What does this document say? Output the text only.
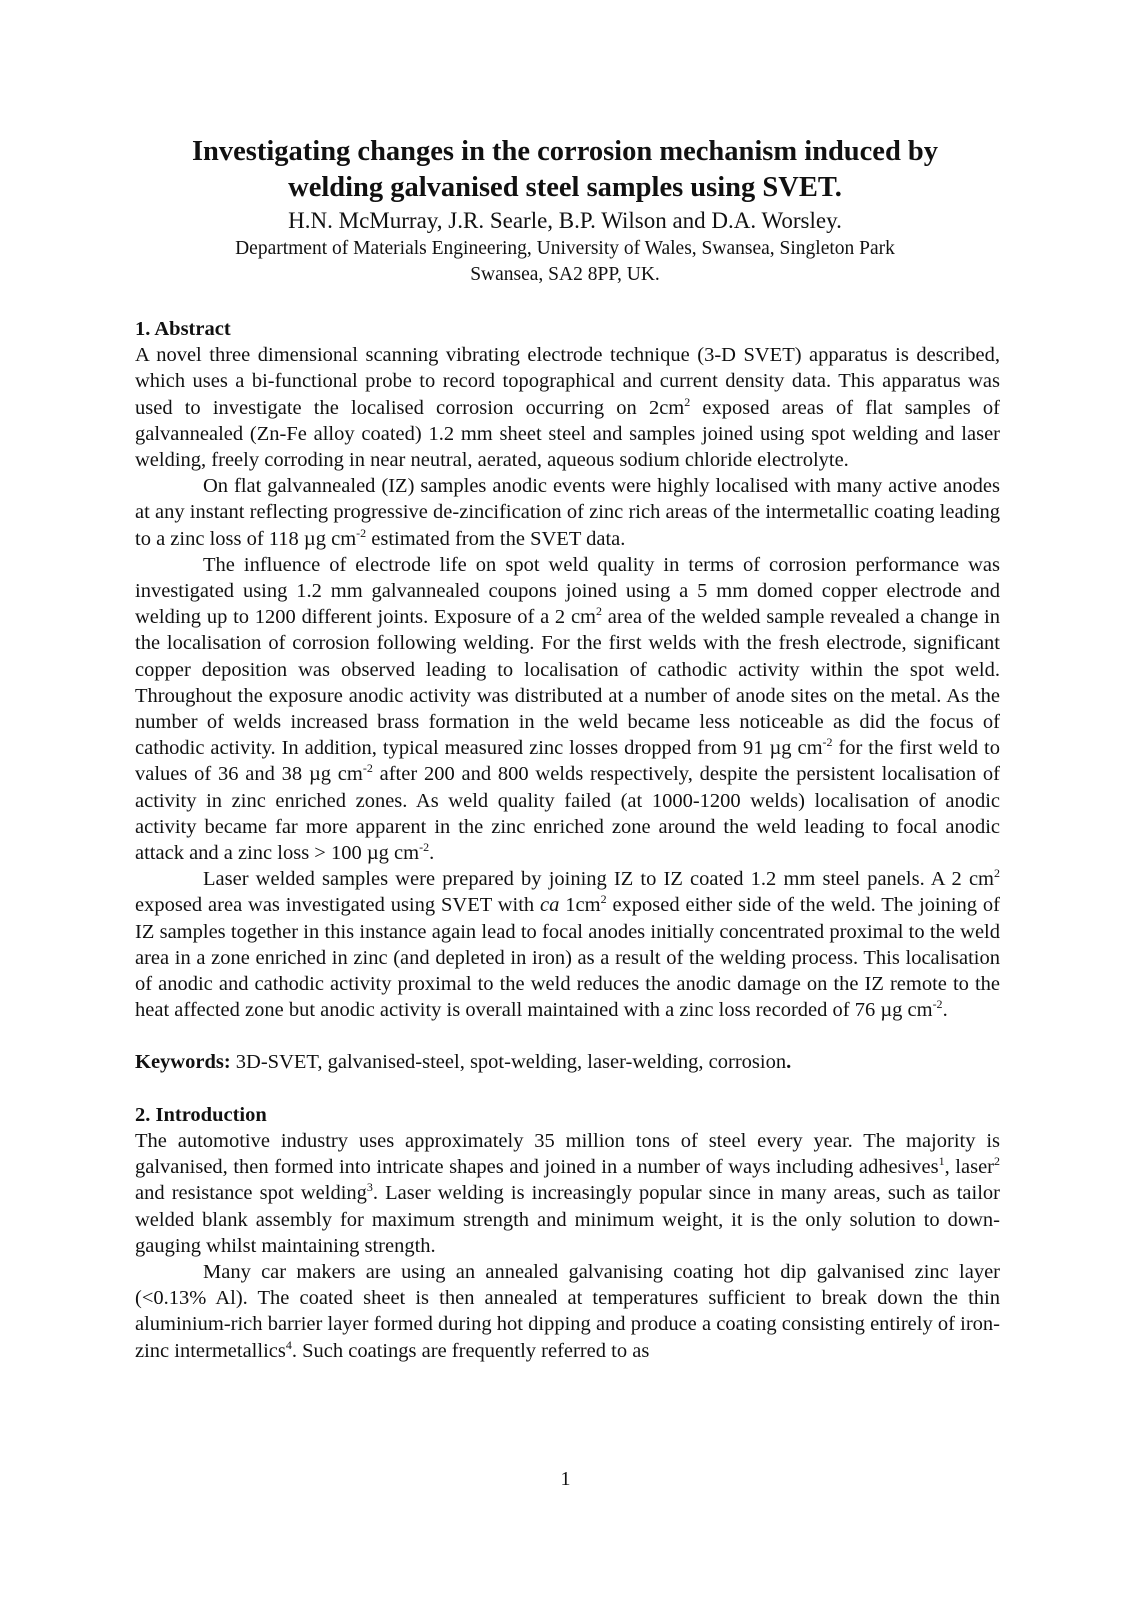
Investigating changes in the corrosion mechanism induced by
welding galvanised steel samples using SVET.
H.N. McMurray, J.R. Searle, B.P. Wilson and D.A. Worsley.
Department of Materials Engineering, University of Wales, Swansea, Singleton Park
Swansea, SA2 8PP, UK.
1. Abstract

A novel three dimensional scanning vibrating electrode technique (3-D SVET) apparatus is described, which uses a bi-functional probe to record topographical and current density data. This apparatus was used to investigate the localised corrosion occurring on $2cm^2$ exposed areas of flat samples of galvannealed (Zn-Fe alloy coated) 1.2 mm sheet steel and samples joined using spot welding and laser welding, freely corroding in near neutral, aerated, aqueous sodium chloride electrolyte.

On flat galvannealed (IZ) samples anodic events were highly localised with many active anodes at any instant reflecting progressive de-zincification of zinc rich areas of the intermetallic coating leading to a zinc loss of 118 µg $cm^{-2}$ estimated from the SVET data.

The influence of electrode life on spot weld quality in terms of corrosion performance was investigated using 1.2 mm galvannealed coupons joined using a 5 mm domed copper electrode and welding up to 1200 different joints. Exposure of a 2 $cm^2$ area of the welded sample revealed a change in the localisation of corrosion following welding. For the first welds with the fresh electrode, significant copper deposition was observed leading to localisation of cathodic activity within the spot weld. Throughout the exposure anodic activity was distributed at a number of anode sites on the metal. As the number of welds increased brass formation in the weld became less noticeable as did the focus of cathodic activity. In addition, typical measured zinc losses dropped from 91 µg $cm^{-2}$ for the first weld to values of 36 and 38 µg $cm^{-2}$ after 200 and 800 welds respectively, despite the persistent localisation of activity in zinc enriched zones. As weld quality failed (at 1000-1200 welds) localisation of anodic activity became far more apparent in the zinc enriched zone around the weld leading to focal anodic attack and a zinc loss > 100 µg $cm^{-2}$.

Laser welded samples were prepared by joining IZ to IZ coated 1.2 mm steel panels. A 2 $cm^2$ exposed area was investigated using SVET with ca $1cm^2$ exposed either side of the weld. The joining of IZ samples together in this instance again lead to focal anodes initially concentrated proximal to the weld area in a zone enriched in zinc (and depleted in iron) as a result of the welding process. This localisation of anodic and cathodic activity proximal to the weld reduces the anodic damage on the IZ remote to the heat affected zone but anodic activity is overall maintained with a zinc loss recorded of 76 µg $cm^{-2}$.

Keywords: 3D-SVET, galvanised-steel, spot-welding, laser-welding, corrosion.

2. Introduction

The automotive industry uses approximately 35 million tons of steel every year. The majority is galvanised, then formed into intricate shapes and joined in a number of ways including adhesives$^1$, laser$^2$ and resistance spot welding$^3$. Laser welding is increasingly popular since in many areas, such as tailor welded blank assembly for maximum strength and minimum weight, it is the only solution to down-gauging whilst maintaining strength.

Many car makers are using an annealed galvanising coating hot dip galvanised zinc layer (<0.13% Al). The coated sheet is then annealed at temperatures sufficient to break down the thin aluminium-rich barrier layer formed during hot dipping and produce a coating consisting entirely of iron-zinc intermetallics$^4$. Such coatings are frequently referred to as

1
